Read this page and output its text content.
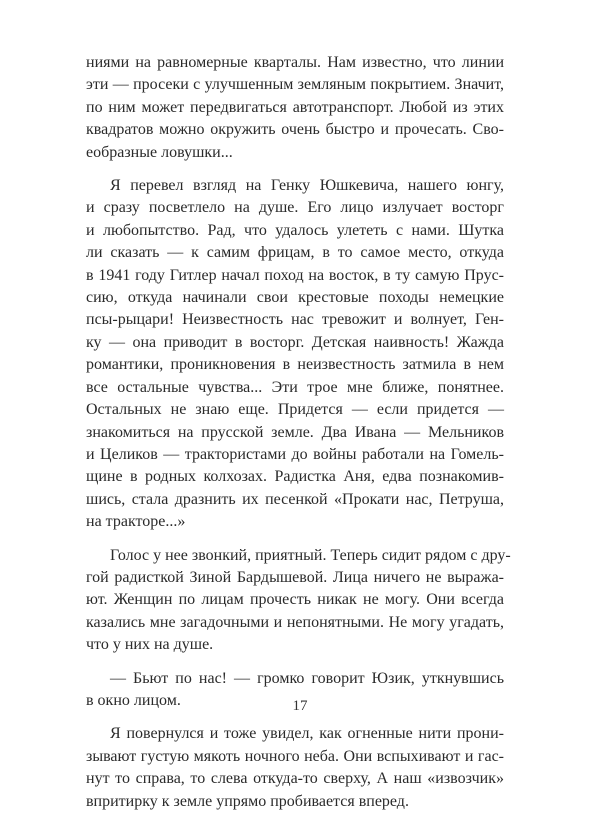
ниями на равномерные кварталы. Нам известно, что линии
эти — просеки с улучшенным земляным покрытием. Значит,
по ним может передвигаться автотранспорт. Любой из этих
квадратов можно окружить очень быстро и прочесать. Сво-
еобразные ловушки...

Я перевел взгляд на Генку Юшкевича, нашего юнгу,
и сразу посветлело на душе. Его лицо излучает восторг
и любопытство. Рад, что удалось улететь с нами. Шутка
ли сказать — к самим фрицам, в то самое место, откуда
в 1941 году Гитлер начал поход на восток, в ту самую Прус-
сию, откуда начинали свои крестовые походы немецкие
псы-рыцари! Неизвестность нас тревожит и волнует, Ген-
ку — она приводит в восторг. Детская наивность! Жажда
романтики, проникновения в неизвестность затмила в нем
все остальные чувства... Эти трое мне ближе, понятнее.
Остальных не знаю еще. Придется — если придется —
знакомиться на прусской земле. Два Ивана — Мельников
и Целиков — трактористами до войны работали на Гомель-
щине в родных колхозах. Радистка Аня, едва познакомив-
шись, стала дразнить их песенкой «Прокати нас, Петруша,
на тракторе...»

Голос у нее звонкий, приятный. Теперь сидит рядом с дру-
гой радисткой Зиной Бардышевой. Лица ничего не выража-
ют. Женщин по лицам прочесть никак не могу. Они всегда
казались мне загадочными и непонятными. Не могу угадать,
что у них на душе.

— Бьют по нас! — громко говорит Юзик, уткнувшись
в окно лицом.

Я повернулся и тоже увидел, как огненные нити прони-
зывают густую мякоть ночного неба. Они вспыхивают и гас-
нут то справа, то слева откуда-то сверху, А наш «извозчик»
впритирку к земле упрямо пробивается вперед.

17
